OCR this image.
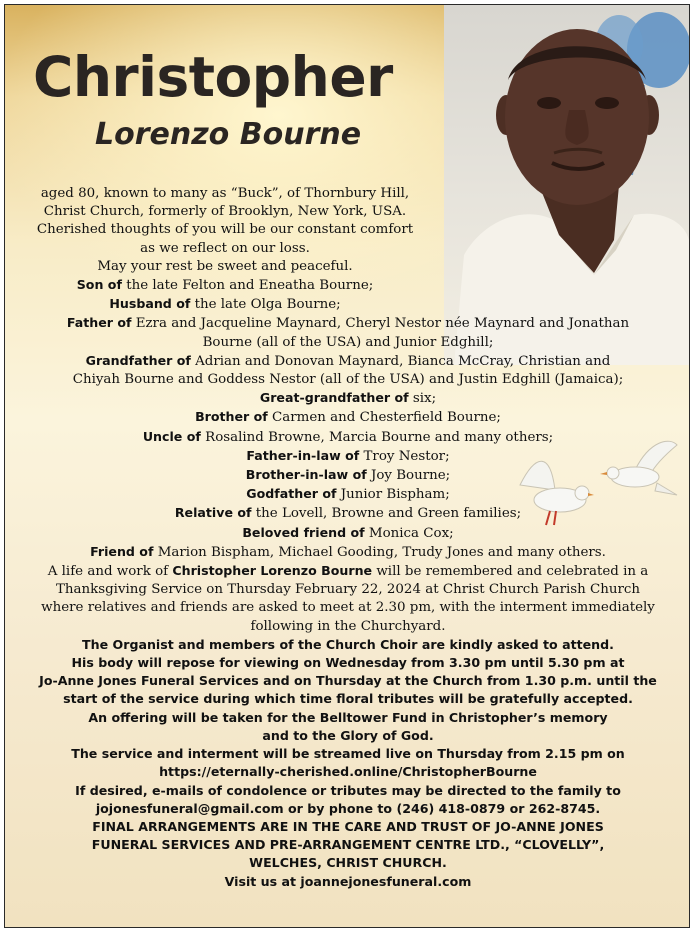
Christopher
Lorenzo Bourne
aged 80, known to many as “Buck”, of Thornbury Hill,
Christ Church, formerly of Brooklyn, New York, USA.
Cherished thoughts of you will be our constant comfort
as we reflect on our loss.
May your rest be sweet and peaceful.
Son of the late Felton and Eneatha Bourne;
Husband of the late Olga Bourne;
Father of Ezra and Jacqueline Maynard, Cheryl Nestor née Maynard and Jonathan
Bourne (all of the USA) and Junior Edghill;
Grandfather of Adrian and Donovan Maynard, Bianca McCray, Christian and
Chiyah Bourne and Goddess Nestor (all of the USA) and Justin Edghill (Jamaica);
Great-grandfather of six;
Brother of Carmen and Chesterfield Bourne;
Uncle of Rosalind Browne, Marcia Bourne and many others;
Father-in-law of Troy Nestor;
Brother-in-law of Joy Bourne;
Godfather of Junior Bispham;
Relative of the Lovell, Browne and Green families;
Beloved friend of Monica Cox;
Friend of Marion Bispham, Michael Gooding, Trudy Jones and many others.
A life and work of Christopher Lorenzo Bourne will be remembered and celebrated in a
Thanksgiving Service on Thursday February 22, 2024 at Christ Church Parish Church
where relatives and friends are asked to meet at 2.30 pm, with the interment immediately
following in the Churchyard.
The Organist and members of the Church Choir are kindly asked to attend.
His body will repose for viewing on Wednesday from 3.30 pm until 5.30 pm at
Jo-Anne Jones Funeral Services and on Thursday at the Church from 1.30 p.m. until the
start of the service during which time floral tributes will be gratefully accepted.
An offering will be taken for the Belltower Fund in Christopher’s memory
and to the Glory of God.
The service and interment will be streamed live on Thursday from 2.15 pm on
https://eternally-cherished.online/ChristopherBourne
If desired, e-mails of condolence or tributes may be directed to the family to
jojonesfuneral@gmail.com or by phone to (246) 418-0879 or 262-8745.
FINAL ARRANGEMENTS ARE IN THE CARE AND TRUST OF JO-ANNE JONES
FUNERAL SERVICES AND PRE-ARRANGEMENT CENTRE LTD., “CLOVELLY”,
WELCHES, CHRIST CHURCH.
Visit us at joannejonesfuneral.com
